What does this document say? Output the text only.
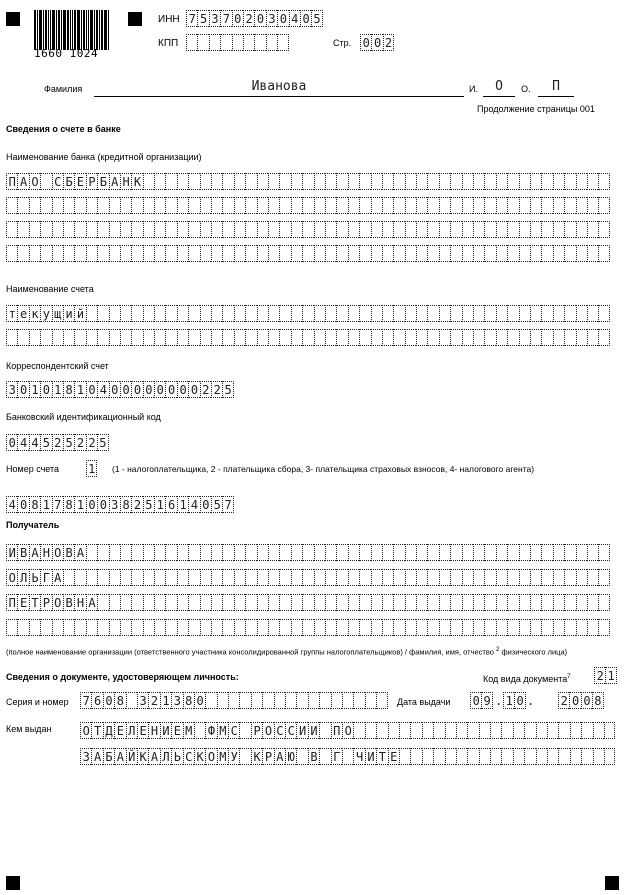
1660 1024
ИНН 7 5 3 7 0 2 0 3 0 4 0 5
КПП	Стр. 0 0 2
Фамилия	Иванова	И.	О	О.	П
Продолжение страницы 001
Сведения о счете в банке
Наименование банка (кредитной организации)
П А О С Б Е Р Б А Н К
Наименование счета
т е к у щ и й
Корреспондентский счет
3 0 1 0 1 8 1 0 4 0 0 0 0 0 0 0 0 2 2 5
Банковский идентификационный код
0 4 4 5 2 5 2 2 5
Номер счета 1 (1 - налогоплательщика, 2 - плательщика сбора, 3- плательщика страховых взносов, 4- налогового агента)
4 0 8 1 7 8 1 0 0 3 8 2 5 1 6 1 4 0 5 7
Получатель
И В А Н О В А
О Л Ь Г А
П Е Т Р О В Н А
(полное наименование организации (ответственного участника консолидированной группы налогоплательщиков) / фамилия, имя, отчество $^2$ физического лица)
Сведения о документе, удостоверяющем личность:	Код вида документа$^7$ 2 1
Серия и номер 7 6 0 8 3 2 1 3 8 0	Дата выдачи 0 9 . 1 0 . 2 0 0 8
Кем выдан	О Т Д Е Л Е Н И Е М Ф М С Р О С С И И П О
З А Б А Й К А Л Ь С К О М У К Р А Ю В Г Ч И Т Е
